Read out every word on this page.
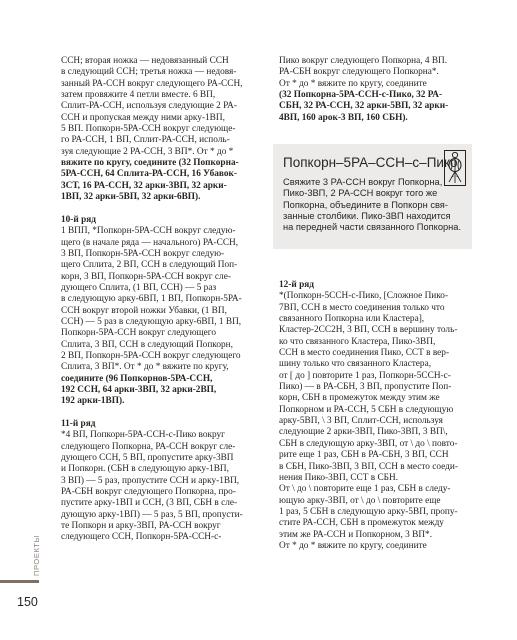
ССН; вторая ножка — недовязанный ССН

в следующий ССН; третья ножка — недовя-

занный РА-ССН вокруг следующего РА-ССН,

затем провяжите 4 петли вместе. 6 ВП,

Сплит-РА-ССН, используя следующие 2 РА-

ССН и пропуская между ними арку-1ВП,

5 ВП. Попкорн-5РА-ССН вокруг следующе-

го РА-ССН, 1 ВП, Сплит-РА-ССН, исполь-

зуя следующие 2 РА-ССН, 3 ВП*. От * до *

вяжите по кругу, соедините (32 Попкорна-

5РА-ССН, 64 Сплита-РА-ССН, 16 Убавок-

3СТ, 16 РА-ССН, 32 арки-3ВП, 32 арки-

1ВП, 32 арки-5ВП, 32 арки-6ВП).

10-й ряд

1 ВПП, *Попкорн-5РА-ССН вокруг следую-

щего (в начале ряда — начального) РА-ССН,

3 ВП, Попкорн-5РА-ССН вокруг следую-

щего Сплита, 2 ВП, ССН в следующий Поп-

корн, 3 ВП, Попкорн-5РА-ССН вокруг сле-

дующего Сплита, (1 ВП, ССН) — 5 раз

в следующую арку-6ВП, 1 ВП, Попкорн-5РА-

ССН вокруг второй ножки Убавки, (1 ВП,

ССН) — 5 раз в следующую арку-6ВП, 1 ВП,

Попкорн-5РА-ССН вокруг следующего

Сплита, 3 ВП, ССН в следующий Попкорн,

2 ВП, Попкорн-5РА-ССН вокруг следующего

Сплита, 3 ВП*. От * до * вяжите по кругу,

соедините (96 Попкорнов-5РА-ССН,

192 ССН, 64 арки-3ВП, 32 арки-2ВП,

192 арки-1ВП).

11-й ряд

*4 ВП, Попкорн-5РА-ССН-с-Пико вокруг

следующего Попкорна, РА-ССН вокруг сле-

дующего ССН, 5 ВП, пропустите арку-3ВП

и Попкорн. (СБН в следующую арку-1ВП,

3 ВП) — 5 раз, пропустите ССН и арку-1ВП,

РА-СБН вокруг следующего Попкорна, про-

пустите арку-1ВП и ССН, (3 ВП, СБН в сле-

дующую арку-1ВП) — 5 раз, 5 ВП, пропусти-

те Попкорн и арку-3ВП, РА-ССН вокруг

следующего ССН, Попкорн-5РА-ССН-с-

Пико вокруг следующего Попкорна, 4 ВП.

РА-СБН вокруг следующего Попкорна*.

От * до * вяжите по кругу, соедините

(32 Попкорна-5РА-ССН-с-Пико, 32 РА-

СБН, 32 РА-ССН, 32 арки-5ВП, 32 арки-

4ВП, 160 арок-3 ВП, 160 СБН).

Попкорн–5РА–ССН–с–Пико
Свяжите 3 РА-ССН вокруг Попкорна,
Пико-3ВП, 2 РА-ССН вокруг того же
Попкорна, объедините в Попкорн свя-
занные столбики. Пико-3ВП находится
на передней части связанного Попкорна.

12-й ряд

*(Попкорн-5ССН-с-Пико, [Сложное Пико-

7ВП, ССН в место соединения только что

связанного Попкорна или Кластера],

Кластер-2СС2Н, 3 ВП, ССН в вершину толь-

ко что связанного Кластера, Пико-3ВП,

ССН в место соединения Пико, ССТ в вер-

шину только что связанного Кластера,

от [ до ] повторите 1 раз, Попкорн-5ССН-с-

Пико) — в РА-СБН, 3 ВП, пропустите Поп-

корн, СБН в промежуток между этим же

Попкорном и РА-ССН, 5 СБН в следующую

арку-5ВП, \ 3 ВП, Сплит-ССН, используя

следующие 2 арки-3ВП, Пико-3ВП, 3 ВП\,

СБН в следующую арку-3ВП, от \ до \ повто-

рите еще 1 раз, СБН в РА-СБН, 3 ВП, ССН

в СБН, Пико-3ВП, 3 ВП, ССН в место соеди-

нения Пико-3ВП, ССТ в СБН.

От \ до \ повторите еще 1 раз, СБН в следу-

ющую арку-3ВП, от \ до \ повторите еще

1 раз, 5 СБН в следующую арку-5ВП, пропу-

стите РА-ССН, СБН в промежуток между

этим же РА-ССН и Попкорном, 3 ВП*.

От * до * вяжите по кругу, соедините

ПРОЕКТЫ
150
